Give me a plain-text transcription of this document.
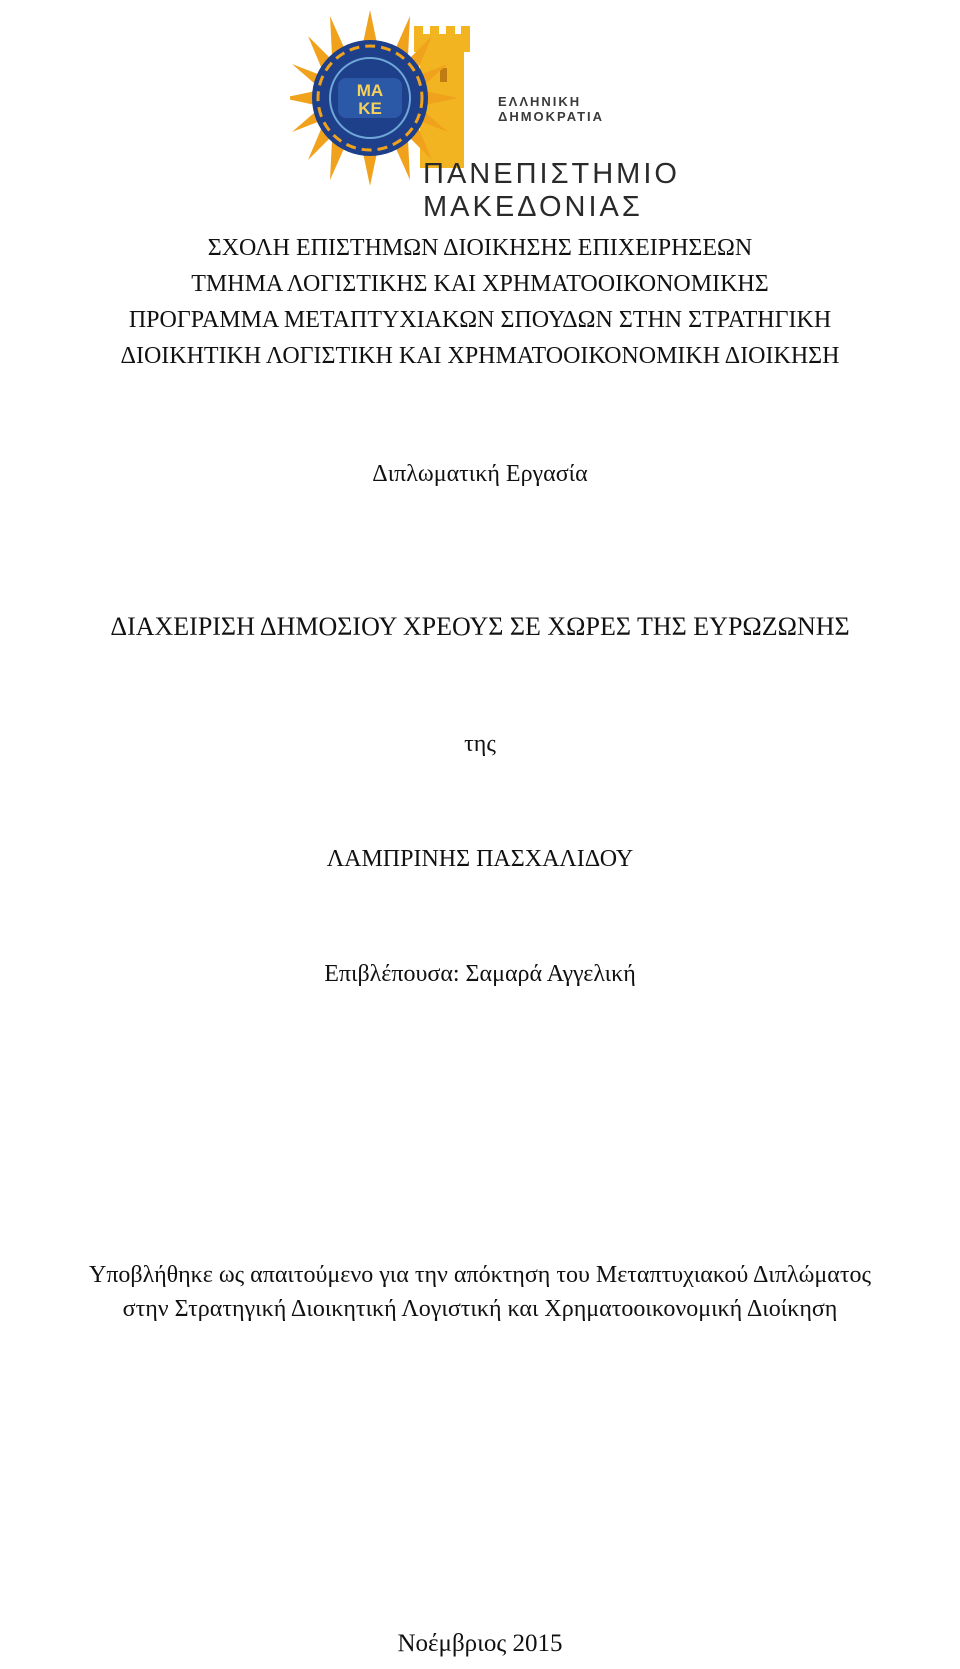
ΜΑ
ΚΕ	ΕΛΛΗΝΙΚΗ
ΔΗΜΟΚΡΑΤΙΑ
ΠΑΝΕΠΙΣΤΗΜΙΟ
ΜΑΚΕΔΟΝΙΑΣ
ΣΧΟΛΗ ΕΠΙΣΤΗΜΩΝ ΔΙΟΙΚΗΣΗΣ ΕΠΙΧΕΙΡΗΣΕΩΝ
ΤΜΗΜΑ ΛΟΓΙΣΤΙΚΗΣ ΚΑΙ ΧΡΗΜΑΤΟΟΙΚΟΝΟΜΙΚΗΣ
ΠΡΟΓΡΑΜΜΑ ΜΕΤΑΠΤΥΧΙΑΚΩΝ ΣΠΟΥΔΩΝ ΣΤΗΝ ΣΤΡΑΤΗΓΙΚΗ
ΔΙΟΙΚΗΤΙΚΗ ΛΟΓΙΣΤΙΚΗ ΚΑΙ ΧΡΗΜΑΤΟΟΙΚΟΝΟΜΙΚΗ ΔΙΟΙΚΗΣΗ
Διπλωματική Εργασία
ΔΙΑΧΕΙΡΙΣΗ ΔΗΜΟΣΙΟΥ ΧΡΕΟΥΣ ΣΕ ΧΩΡΕΣ ΤΗΣ ΕΥΡΩΖΩΝΗΣ
της
ΛΑΜΠΡΙΝΗΣ ΠΑΣΧΑΛΙΔΟΥ
Επιβλέπουσα: Σαμαρά Αγγελική
Υποβλήθηκε ως απαιτούμενο για την απόκτηση του Μεταπτυχιακού Διπλώματος
στην Στρατηγική Διοικητική Λογιστική και Χρηματοοικονομική Διοίκηση
Νοέμβριος 2015
